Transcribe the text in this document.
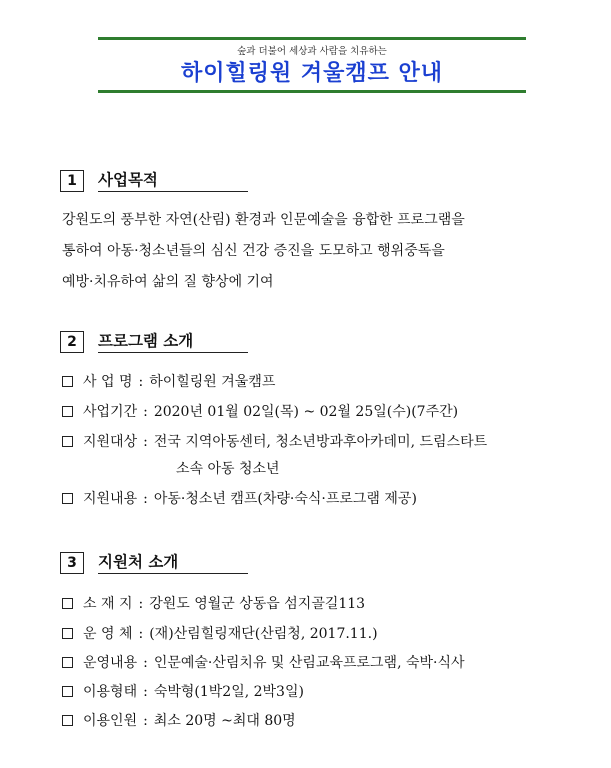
숲과 더불어 세상과 사람을 치유하는
하이힐링원 겨울캠프 안내
1	사업목적
강원도의 풍부한 자연(산림) 환경과 인문예술을 융합한 프로그램을
통하여 아동·청소년들의 심신 건강 증진을 도모하고 행위중독을
예방·치유하여 삶의 질 향상에 기여
2	프로그램 소개
사 업 명 : 하이힐링원 겨울캠프
사업기간 : 2020년 01월 02일(목) ~ 02월 25일(수)(7주간)
지원대상 : 전국 지역아동센터, 청소년방과후아카데미, 드림스타트
소속 아동 청소년
지원내용 : 아동·청소년 캠프(차량·숙식·프로그램 제공)
3	지원처 소개
소 재 지 : 강원도 영월군 상동읍 섬지골길113
운 영 체 : (재)산림힐링재단(산림청, 2017.11.)
운영내용 : 인문예술·산림치유 및 산림교육프로그램, 숙박·식사
이용형태 : 숙박형(1박2일, 2박3일)
이용인원 : 최소 20명 ~최대 80명
